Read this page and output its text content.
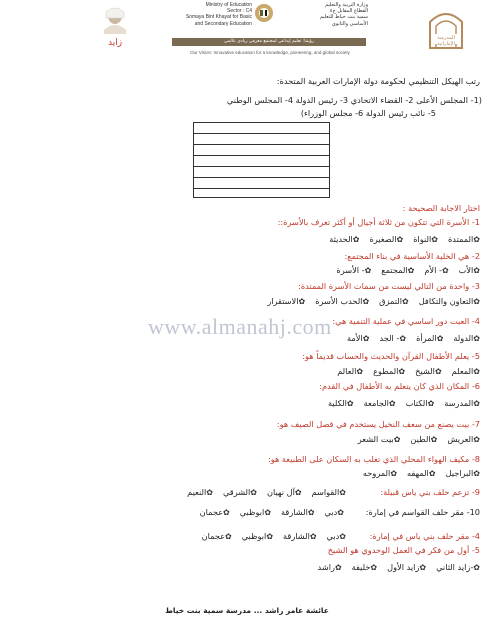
زايد
Ministry of Education
Sector : C4
Somaya Bint Khayat for Basic
and Secondary Education
وزارة التربية والتعليم
القطاع المقابل ج٤
سمية بنت خياط للتعليم
الأساسي والثانوي
رؤيتنا: تعليم إبداعي لمجتمع معرفي ريادي عالمي
Our Vision: Innovative education for a knowledge, pioneering, and global society
المدرسة
الإماراتية
رتب الهيكل التنظيمي لحكومة دولة الإمارات العربية المتحدة:
(1- المجلس الأعلى 2- القضاء الاتحادي 3- رئيس الدولة 4- المجلس الوطني
5- نائب رئيس الدولة 6- مجلس الوزراء)
اختار الاجابة الصحيحة :
1- الأسرة التي تتكون من ثلاثة أجيال أو أكثر تعرف بالأسرة::
✿الممتدة✿النواة✿الصغيرة✿الحديثة
2- هي الخلية الأساسية في بناء المجتمع:
✿الأب✿- الأم✿المجتمع✿- الأسرة
3- واحدة من التالي ليست من سمات الأسرة الممتدة:
✿التعاون والتكافل✿التمزق✿الحدب الأسرة✿الاستقرار
4- العبت دور اساسي في عملية التنمية هي:
✿الدولة✿المرأة✿- الجد✿الأمة
5- يعلم الأطفال القرآن والحديث والحساب قديماً هو:
✿المعلم✿الشيخ✿المطوع✿العالم
6- المكان الذي كان يتعلم به الأطفال في القدم:
✿المدرسة✿الكتاب✿الجامعة✿الكلية
7- بيت يصنع من سعف النخيل يستخدم في فصل الصيف هو:
✿العريش✿الطين✿بيت الشعر
8- مكيف الهواء المحلي الذي تغلب به السكان على الطبيعة هو:
✿البراجيل✿المهفه✿المروحه
9- تزعم حلف بني ياس قبيلة:
✿القواسم✿آل نهيان✿الشرقي✿النعيم
10- مقر حلف القواسم في إمارة:
✿دبي✿الشارقة✿ابوظبي✿عجمان
4- مقر حلف بني ياس في إمارة:
✿دبي✿الشارقة✿ابوظبي✿عجمان
5- أول من فكر في العمل الوحدوي هو الشيخ
✿-زايد الثاني✿زايد الأول✿خليفة✿راشد
www.almanahj.com
عائشة عامر راشد ... مدرسة سمية بنت خياط
